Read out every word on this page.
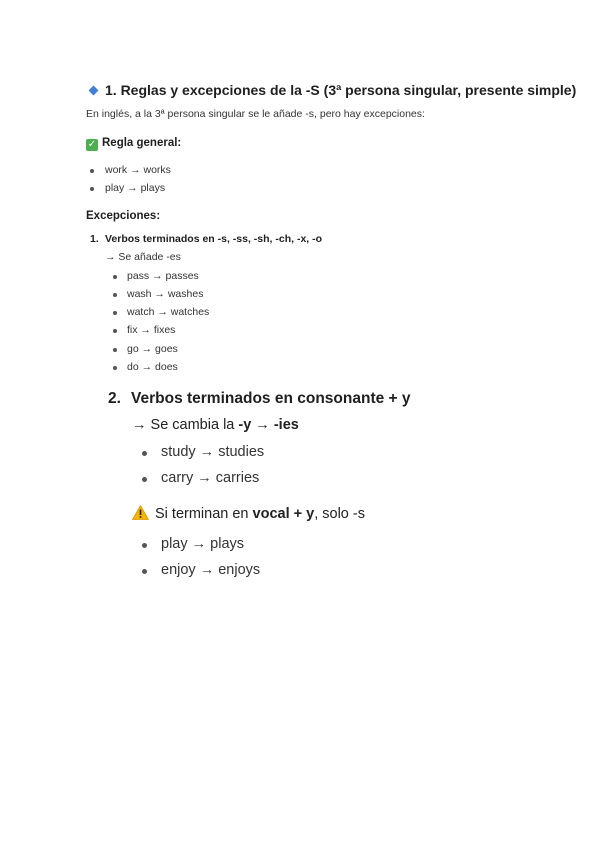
1. Reglas y excepciones de la -S (3ª persona singular, presente simple)
En inglés, a la 3ª persona singular se le añade -s, pero hay excepciones:
✓ Regla general:
work → works
play → plays
Excepciones:
1. Verbos terminados en -s, -ss, -sh, -ch, -x, -o
→ Se añade -es
pass → passes
wash → washes
watch → watches
fix → fixes
go → goes
do → does
2. Verbos terminados en consonante + y
→ Se cambia la -y → -ies
study → studies
carry → carries
Si terminan en vocal + y, solo -s
play → plays
enjoy → enjoys
